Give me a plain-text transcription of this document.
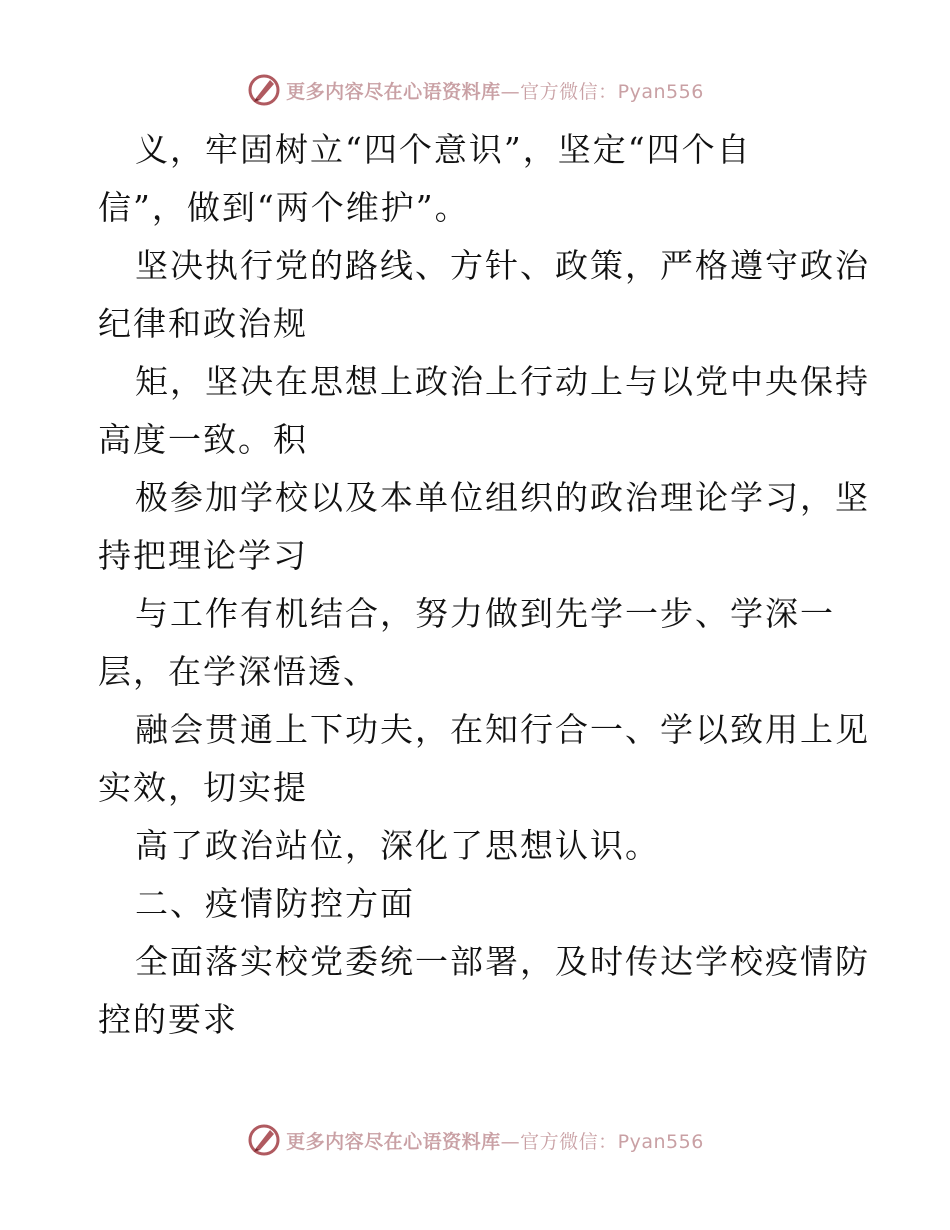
更多内容尽在心语资料库—官方微信：Pyan556
义，牢固树立“四个意识”，坚定“四个自
信”，做到“两个维护”。
坚决执行党的路线、方针、政策，严格遵守政治
纪律和政治规
矩，坚决在思想上政治上行动上与以党中央保持
高度一致。积
极参加学校以及本单位组织的政治理论学习，坚
持把理论学习
与工作有机结合，努力做到先学一步、学深一
层，在学深悟透、
融会贯通上下功夫，在知行合一、学以致用上见
实效，切实提
高了政治站位，深化了思想认识。
二、疫情防控方面
全面落实校党委统一部署，及时传达学校疫情防
控的要求
更多内容尽在心语资料库—官方微信：Pyan556
